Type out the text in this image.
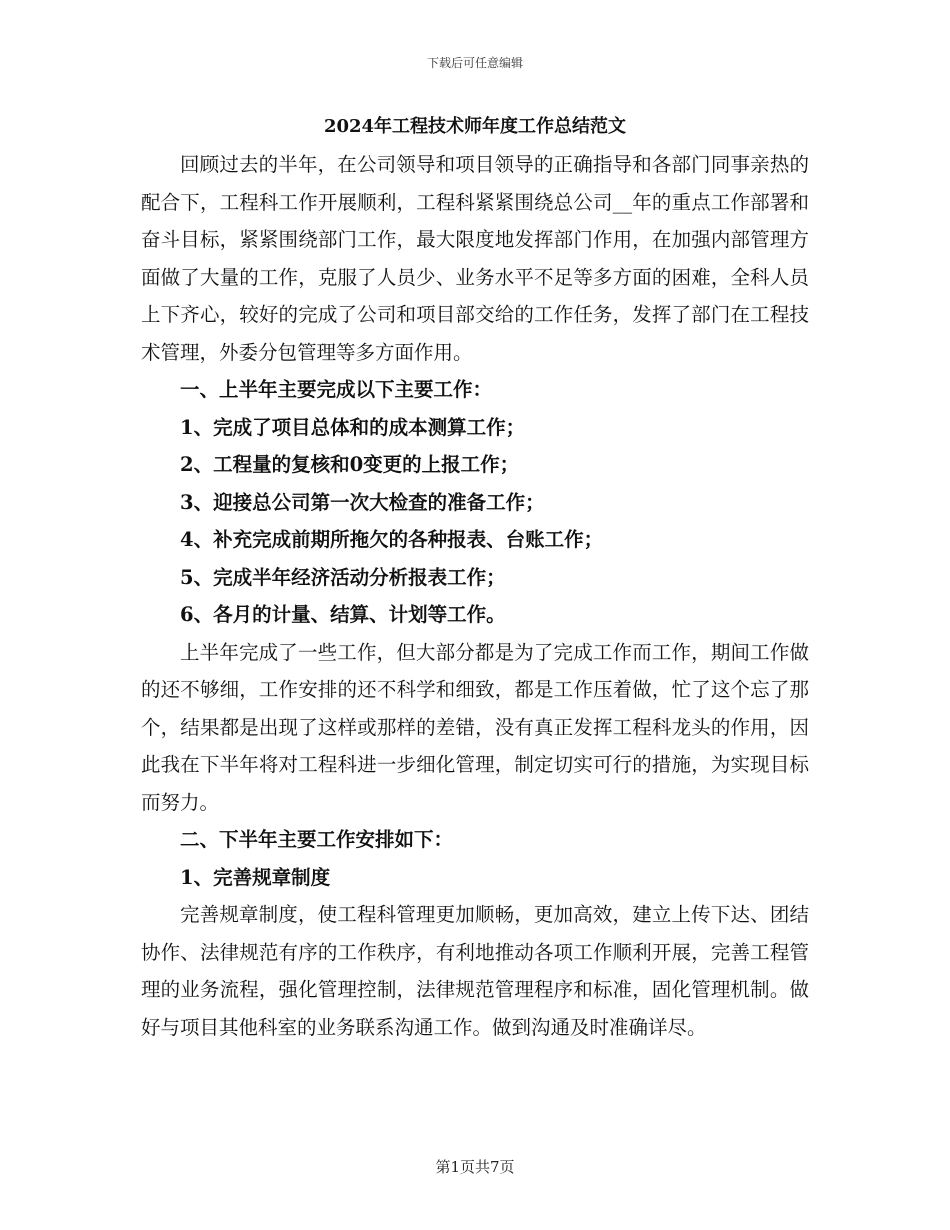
下载后可任意编辑
2024年工程技术师年度工作总结范文

回顾过去的半年，在公司领导和项目领导的正确指导和各部门同事亲热的配合下，工程科工作开展顺利，工程科紧紧围绕总公司__年的重点工作部署和奋斗目标，紧紧围绕部门工作，最大限度地发挥部门作用，在加强内部管理方面做了大量的工作，克服了人员少、业务水平不足等多方面的困难，全科人员上下齐心，较好的完成了公司和项目部交给的工作任务，发挥了部门在工程技术管理，外委分包管理等多方面作用。

一、上半年主要完成以下主要工作：

1、完成了项目总体和的成本测算工作；
2、工程量的复核和0变更的上报工作；
3、迎接总公司第一次大检查的准备工作；
4、补充完成前期所拖欠的各种报表、台账工作；
5、完成半年经济活动分析报表工作；
6、各月的计量、结算、计划等工作。

上半年完成了一些工作，但大部分都是为了完成工作而工作，期间工作做的还不够细，工作安排的还不科学和细致，都是工作压着做，忙了这个忘了那个，结果都是出现了这样或那样的差错，没有真正发挥工程科龙头的作用，因此我在下半年将对工程科进一步细化管理，制定切实可行的措施，为实现目标而努力。

二、下半年主要工作安排如下：

1、完善规章制度

完善规章制度，使工程科管理更加顺畅，更加高效，建立上传下达、团结协作、法律规范有序的工作秩序，有利地推动各项工作顺利开展，完善工程管理的业务流程，强化管理控制，法律规范管理程序和标准，固化管理机制。做好与项目其他科室的业务联系沟通工作。做到沟通及时准确详尽。

第1页共7页
